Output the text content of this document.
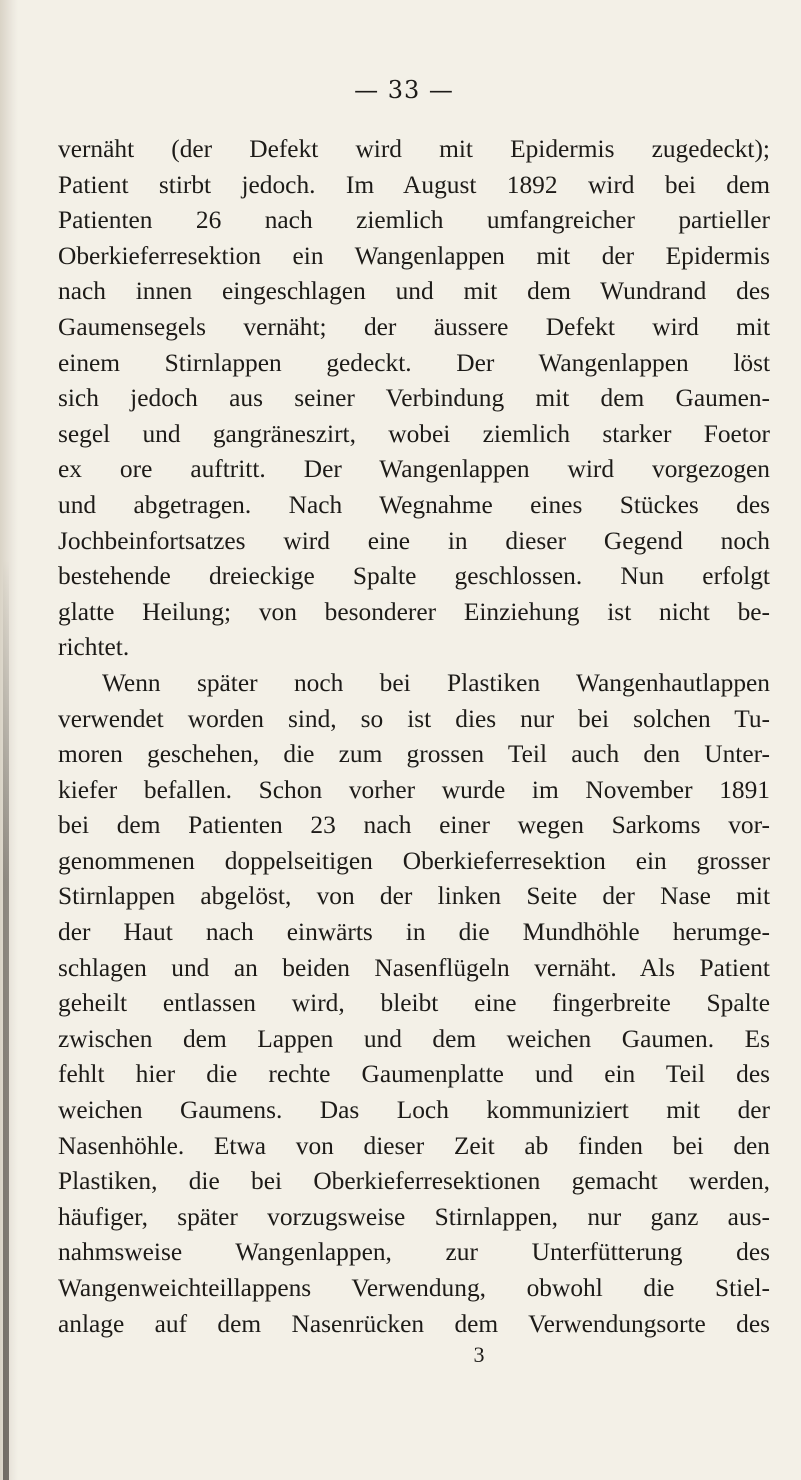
— 33 —
vernäht (der Defekt wird mit Epidermis zugedeckt);
Patient stirbt jedoch. Im August 1892 wird bei dem
Patienten 26 nach ziemlich umfangreicher partieller
Oberkieferresektion ein Wangenlappen mit der Epidermis
nach innen eingeschlagen und mit dem Wundrand des
Gaumensegels vernäht; der äussere Defekt wird mit
einem Stirnlappen gedeckt. Der Wangenlappen löst
sich jedoch aus seiner Verbindung mit dem Gaumen-
segel und gangräneszirt, wobei ziemlich starker Foetor
ex ore auftritt. Der Wangenlappen wird vorgezogen
und abgetragen. Nach Wegnahme eines Stückes des
Jochbeinfortsatzes wird eine in dieser Gegend noch
bestehende dreieckige Spalte geschlossen. Nun erfolgt
glatte Heilung; von besonderer Einziehung ist nicht be-
richtet.
Wenn später noch bei Plastiken Wangenhautlappen
verwendet worden sind, so ist dies nur bei solchen Tu-
moren geschehen, die zum grossen Teil auch den Unter-
kiefer befallen. Schon vorher wurde im November 1891
bei dem Patienten 23 nach einer wegen Sarkoms vor-
genommenen doppelseitigen Oberkieferresektion ein grosser
Stirnlappen abgelöst, von der linken Seite der Nase mit
der Haut nach einwärts in die Mundhöhle herumge-
schlagen und an beiden Nasenflügeln vernäht. Als Patient
geheilt entlassen wird, bleibt eine fingerbreite Spalte
zwischen dem Lappen und dem weichen Gaumen. Es
fehlt hier die rechte Gaumenplatte und ein Teil des
weichen Gaumens. Das Loch kommuniziert mit der
Nasenhöhle. Etwa von dieser Zeit ab finden bei den
Plastiken, die bei Oberkieferresektionen gemacht werden,
häufiger, später vorzugsweise Stirnlappen, nur ganz aus-
nahmsweise Wangenlappen, zur Unterfütterung des
Wangenweichteillappens Verwendung, obwohl die Stiel-
anlage auf dem Nasenrücken dem Verwendungsorte des
3
